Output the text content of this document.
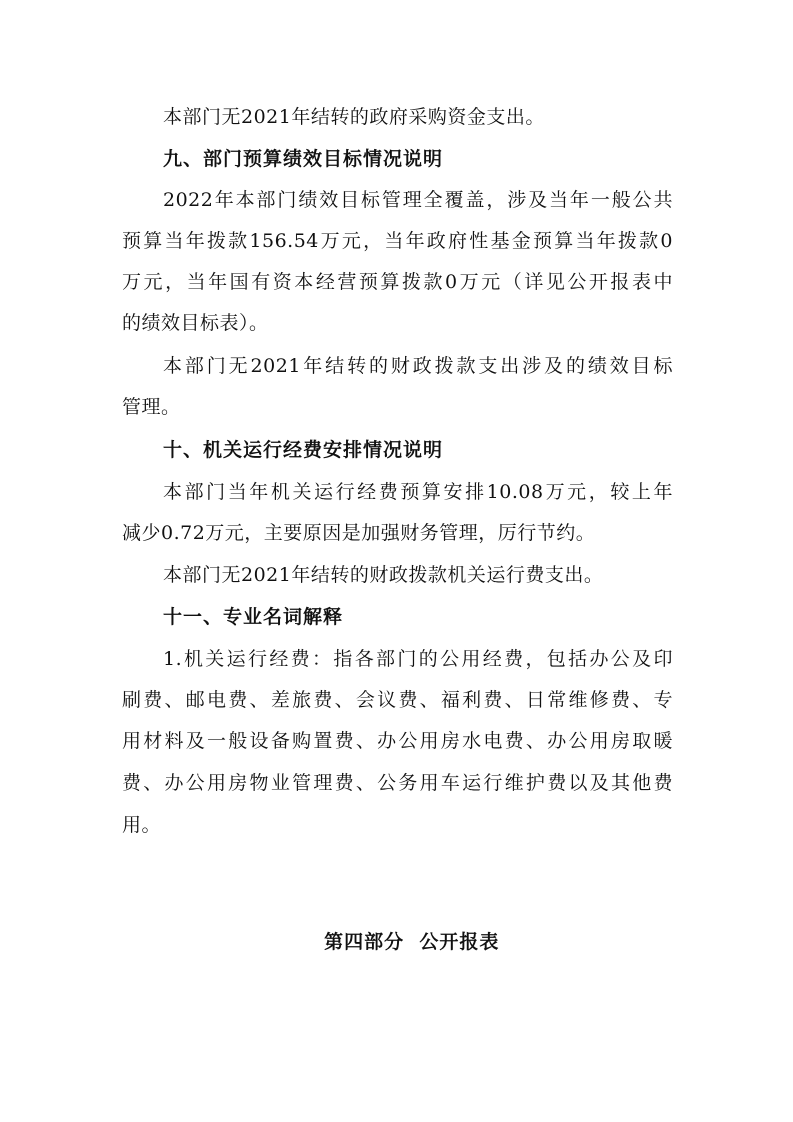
本部门无2021年结转的政府采购资金支出。
九、部门预算绩效目标情况说明
2022年本部门绩效目标管理全覆盖，涉及当年一般公共
预算当年拨款156.54万元，当年政府性基金预算当年拨款0
万元，当年国有资本经营预算拨款0万元（详见公开报表中
的绩效目标表）。
本部门无2021年结转的财政拨款支出涉及的绩效目标
管理。
十、机关运行经费安排情况说明
本部门当年机关运行经费预算安排10.08万元，较上年
减少0.72万元，主要原因是加强财务管理，厉行节约。
本部门无2021年结转的财政拨款机关运行费支出。
十一、专业名词解释
1.机关运行经费：指各部门的公用经费，包括办公及印
刷费、邮电费、差旅费、会议费、福利费、日常维修费、专
用材料及一般设备购置费、办公用房水电费、办公用房取暖
费、办公用房物业管理费、公务用车运行维护费以及其他费
用。

第四部分  公开报表
